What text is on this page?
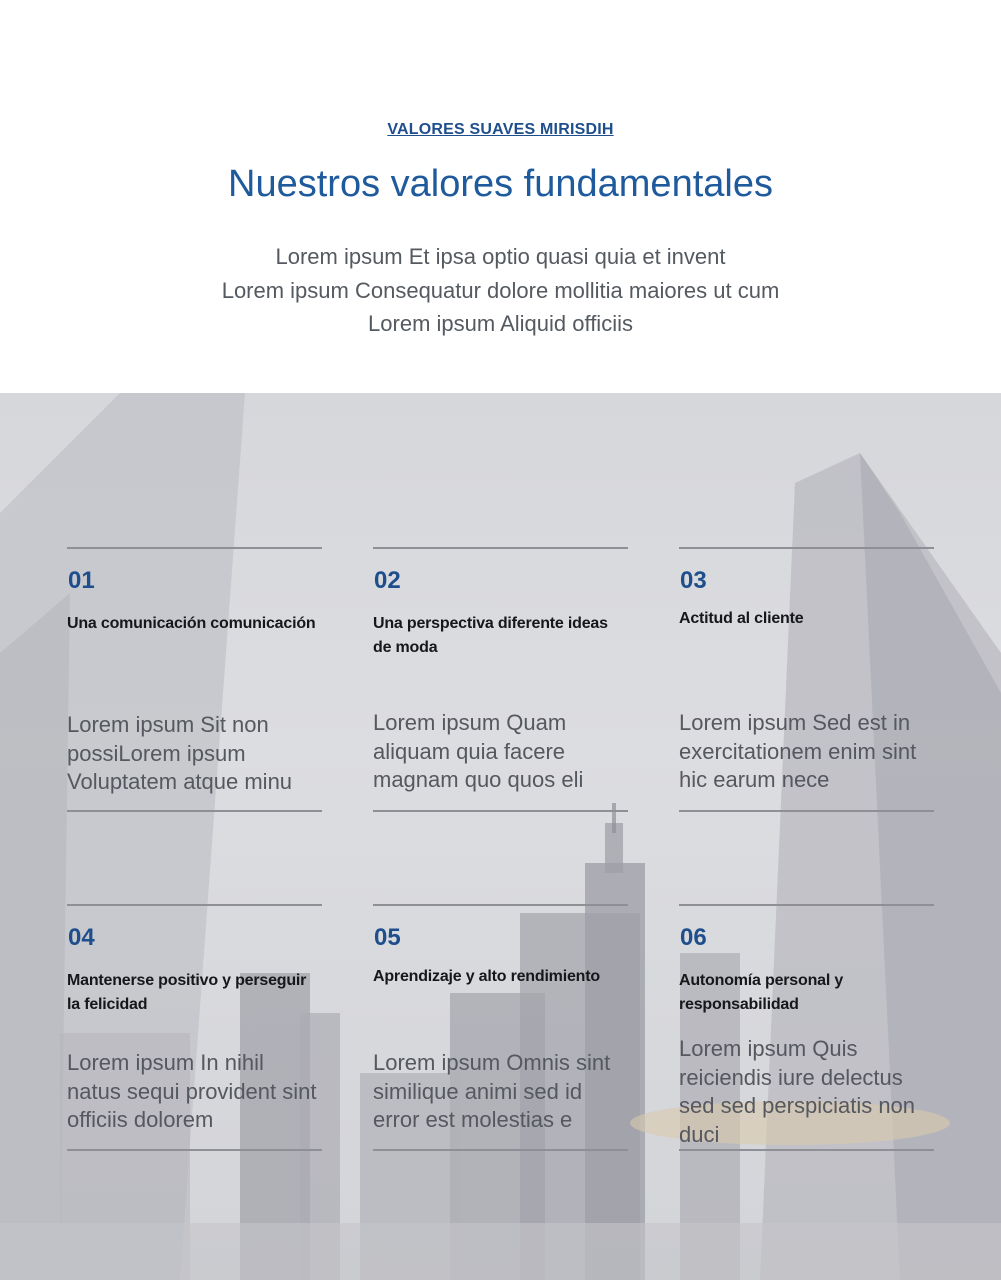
VALORES SUAVES MIRISDIH
Nuestros valores fundamentales
Lorem ipsum Et ipsa optio quasi quia et invent
Lorem ipsum Consequatur dolore mollitia maiores ut cum
Lorem ipsum Aliquid officiis
01
Una comunicación comunicación
Lorem ipsum Sit non possiLorem ipsum Voluptatem atque minu
02
Una perspectiva diferente ideas de moda
Lorem ipsum Quam aliquam quia facere magnam quo quos eli
03
Actitud al cliente
Lorem ipsum Sed est in exercitationem enim sint hic earum nece
04
Mantenerse positivo y perseguir la felicidad
Lorem ipsum In nihil natus sequi provident sint officiis dolorem
05
Aprendizaje y alto rendimiento
Lorem ipsum Omnis sint similique animi sed id error est molestias e
06
Autonomía personal y responsabilidad
Lorem ipsum Quis reiciendis iure delectus sed sed perspiciatis non duci
